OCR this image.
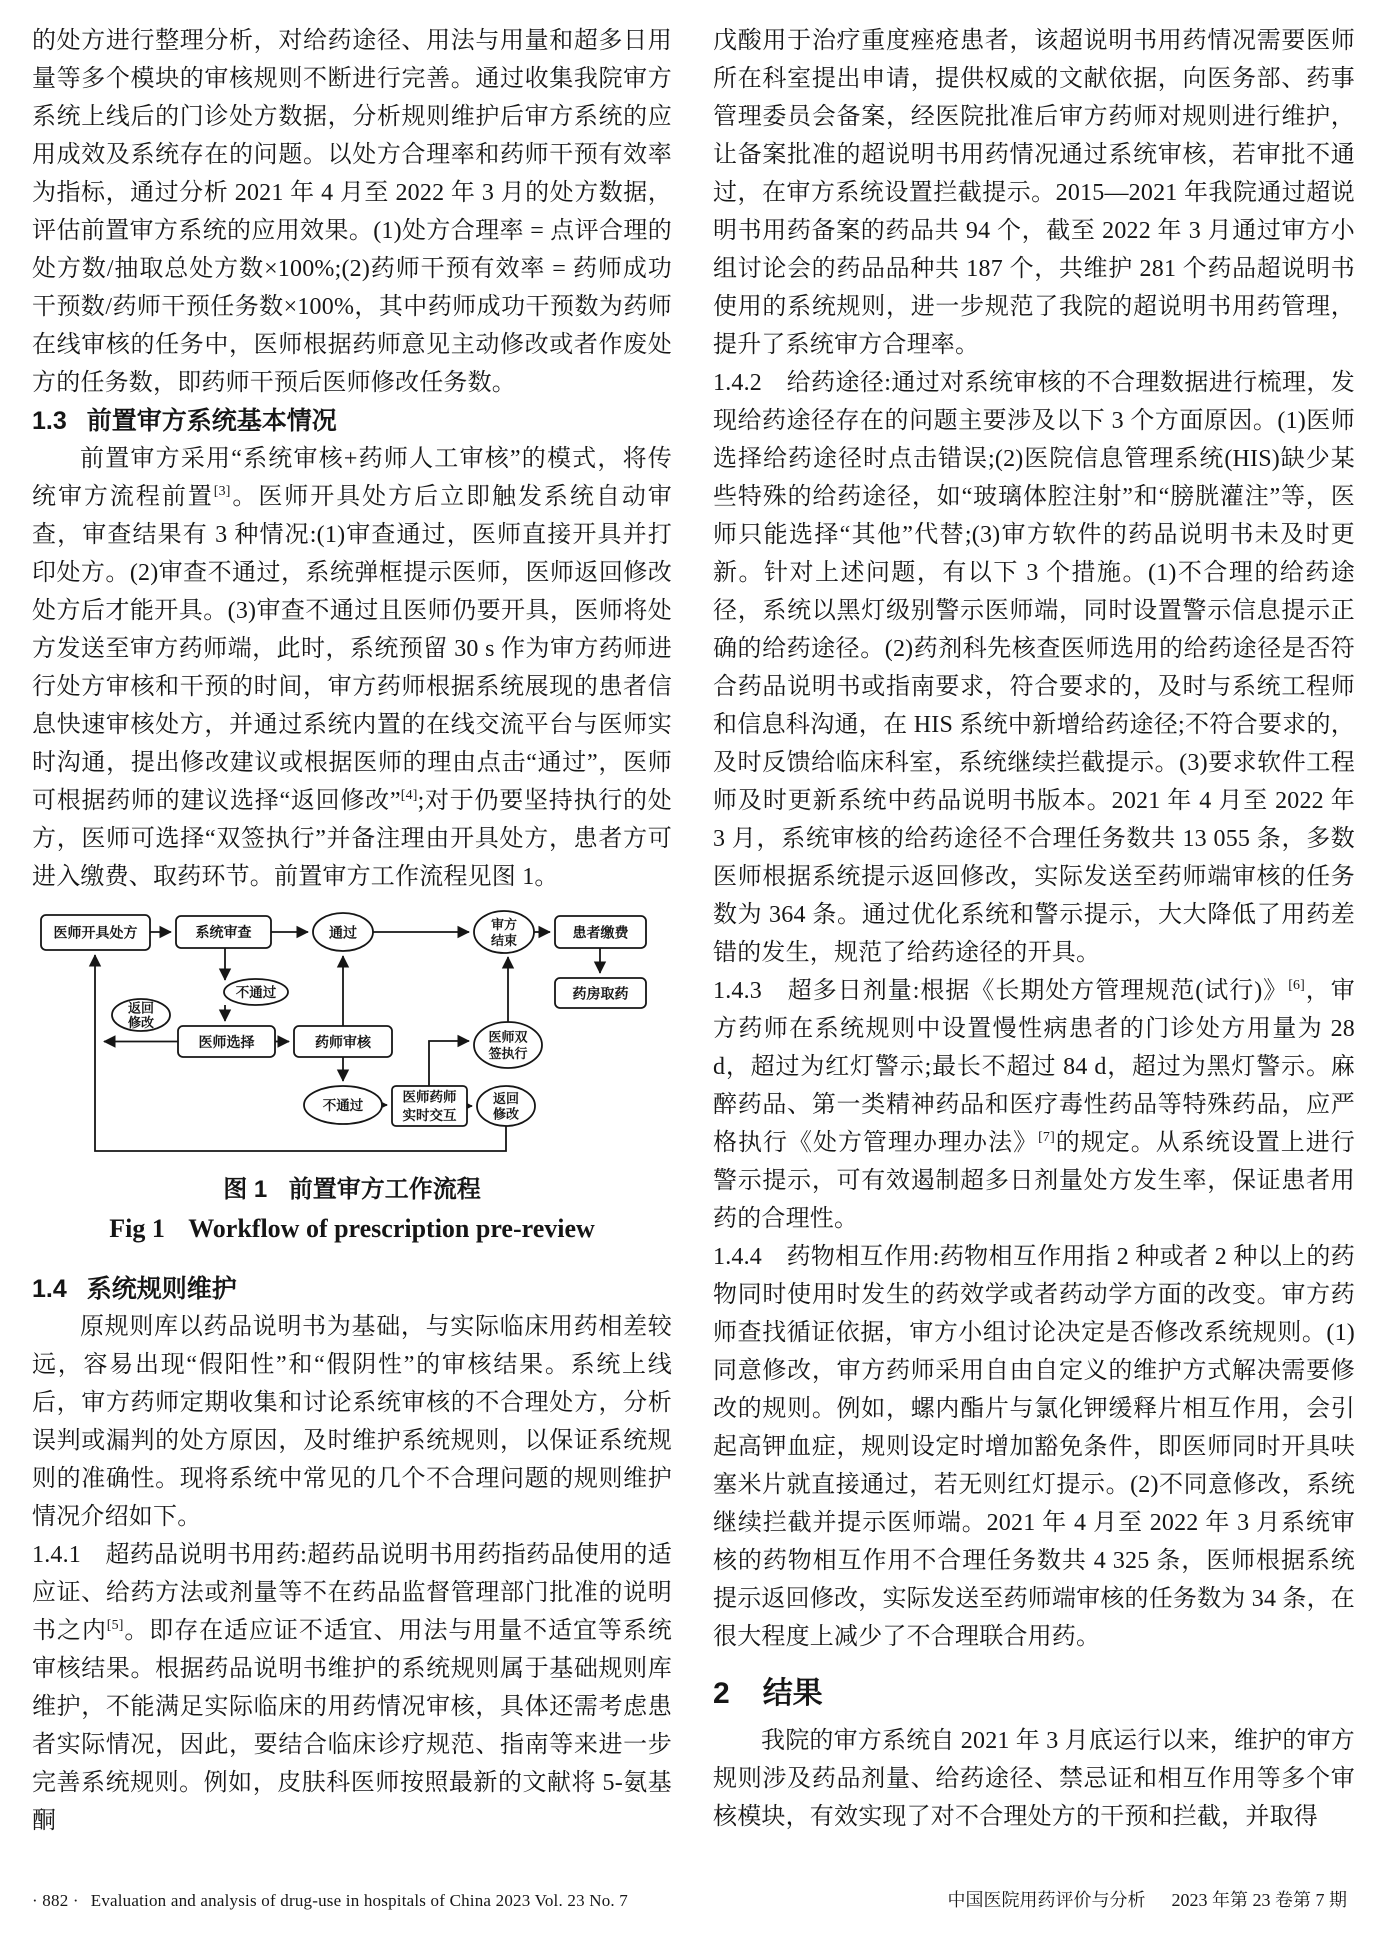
的处方进行整理分析，对给药途径、用法与用量和超多日用量等多个模块的审核规则不断进行完善。通过收集我院审方系统上线后的门诊处方数据，分析规则维护后审方系统的应用成效及系统存在的问题。以处方合理率和药师干预有效率为指标，通过分析 2021 年 4 月至 2022 年 3 月的处方数据，评估前置审方系统的应用效果。(1)处方合理率 = 点评合理的处方数/抽取总处方数×100%;(2)药师干预有效率 = 药师成功干预数/药师干预任务数×100%，其中药师成功干预数为药师在线审核的任务中，医师根据药师意见主动修改或者作废处方的任务数，即药师干预后医师修改任务数。

1.3 前置审方系统基本情况

前置审方采用“系统审核+药师人工审核”的模式，将传统审方流程前置[3]。医师开具处方后立即触发系统自动审查，审查结果有 3 种情况:(1)审查通过，医师直接开具并打印处方。(2)审查不通过，系统弹框提示医师，医师返回修改处方后才能开具。(3)审查不通过且医师仍要开具，医师将处方发送至审方药师端，此时，系统预留 30 s 作为审方药师进行处方审核和干预的时间，审方药师根据系统展现的患者信息快速审核处方，并通过系统内置的在线交流平台与医师实时沟通，提出修改建议或根据医师的理由点击“通过”，医师可根据药师的建议选择“返回修改”[4];对于仍要坚持执行的处方，医师可选择“双签执行”并备注理由开具处方，患者方可进入缴费、取药环节。前置审方工作流程见图 1。

医师开具处方	系统审查	通过	患者缴费
药房取药
不通过
医师选择	药师审核
不通过
审方
结束
返回
修改
医师双
签执行
医师药师
实时交互
返回
修改
图 1 前置审方工作流程
Fig 1 Workflow of prescription pre-review
1.4 系统规则维护

原规则库以药品说明书为基础，与实际临床用药相差较远，容易出现“假阳性”和“假阴性”的审核结果。系统上线后，审方药师定期收集和讨论系统审核的不合理处方，分析误判或漏判的处方原因，及时维护系统规则，以保证系统规则的准确性。现将系统中常见的几个不合理问题的规则维护情况介绍如下。

1.4.1　超药品说明书用药:超药品说明书用药指药品使用的适应证、给药方法或剂量等不在药品监督管理部门批准的说明书之内[5]。即存在适应证不适宜、用法与用量不适宜等系统审核结果。根据药品说明书维护的系统规则属于基础规则库维护，不能满足实际临床的用药情况审核，具体还需考虑患者实际情况，因此，要结合临床诊疗规范、指南等来进一步完善系统规则。例如，皮肤科医师按照最新的文献将 5-氨基酮

戊酸用于治疗重度痤疮患者，该超说明书用药情况需要医师所在科室提出申请，提供权威的文献依据，向医务部、药事管理委员会备案，经医院批准后审方药师对规则进行维护，让备案批准的超说明书用药情况通过系统审核，若审批不通过，在审方系统设置拦截提示。2015—2021 年我院通过超说明书用药备案的药品共 94 个，截至 2022 年 3 月通过审方小组讨论会的药品品种共 187 个，共维护 281 个药品超说明书使用的系统规则，进一步规范了我院的超说明书用药管理，提升了系统审方合理率。

1.4.2　给药途径:通过对系统审核的不合理数据进行梳理，发现给药途径存在的问题主要涉及以下 3 个方面原因。(1)医师选择给药途径时点击错误;(2)医院信息管理系统(HIS)缺少某些特殊的给药途径，如“玻璃体腔注射”和“膀胱灌注”等，医师只能选择“其他”代替;(3)审方软件的药品说明书未及时更新。针对上述问题，有以下 3 个措施。(1)不合理的给药途径，系统以黑灯级别警示医师端，同时设置警示信息提示正确的给药途径。(2)药剂科先核查医师选用的给药途径是否符合药品说明书或指南要求，符合要求的，及时与系统工程师和信息科沟通，在 HIS 系统中新增给药途径;不符合要求的，及时反馈给临床科室，系统继续拦截提示。(3)要求软件工程师及时更新系统中药品说明书版本。2021 年 4 月至 2022 年 3 月，系统审核的给药途径不合理任务数共 13 055 条，多数医师根据系统提示返回修改，实际发送至药师端审核的任务数为 364 条。通过优化系统和警示提示，大大降低了用药差错的发生，规范了给药途径的开具。

1.4.3　超多日剂量:根据《长期处方管理规范(试行)》[6]，审方药师在系统规则中设置慢性病患者的门诊处方用量为 28 d，超过为红灯警示;最长不超过 84 d，超过为黑灯警示。麻醉药品、第一类精神药品和医疗毒性药品等特殊药品，应严格执行《处方管理办理办法》[7]的规定。从系统设置上进行警示提示，可有效遏制超多日剂量处方发生率，保证患者用药的合理性。

1.4.4　药物相互作用:药物相互作用指 2 种或者 2 种以上的药物同时使用时发生的药效学或者药动学方面的改变。审方药师查找循证依据，审方小组讨论决定是否修改系统规则。(1)同意修改，审方药师采用自由自定义的维护方式解决需要修改的规则。例如，螺内酯片与氯化钾缓释片相互作用，会引起高钾血症，规则设定时增加豁免条件，即医师同时开具呋塞米片就直接通过，若无则红灯提示。(2)不同意修改，系统继续拦截并提示医师端。2021 年 4 月至 2022 年 3 月系统审核的药物相互作用不合理任务数共 4 325 条，医师根据系统提示返回修改，实际发送至药师端审核的任务数为 34 条，在很大程度上减少了不合理联合用药。

2 结果

我院的审方系统自 2021 年 3 月底运行以来，维护的审方规则涉及药品剂量、给药途径、禁忌证和相互作用等多个审核模块，有效实现了对不合理处方的干预和拦截，并取得

· 882 · Evaluation and analysis of drug-use in hospitals of China 2023 Vol. 23 No. 7	中国医院用药评价与分析 2023 年第 23 卷第 7 期
